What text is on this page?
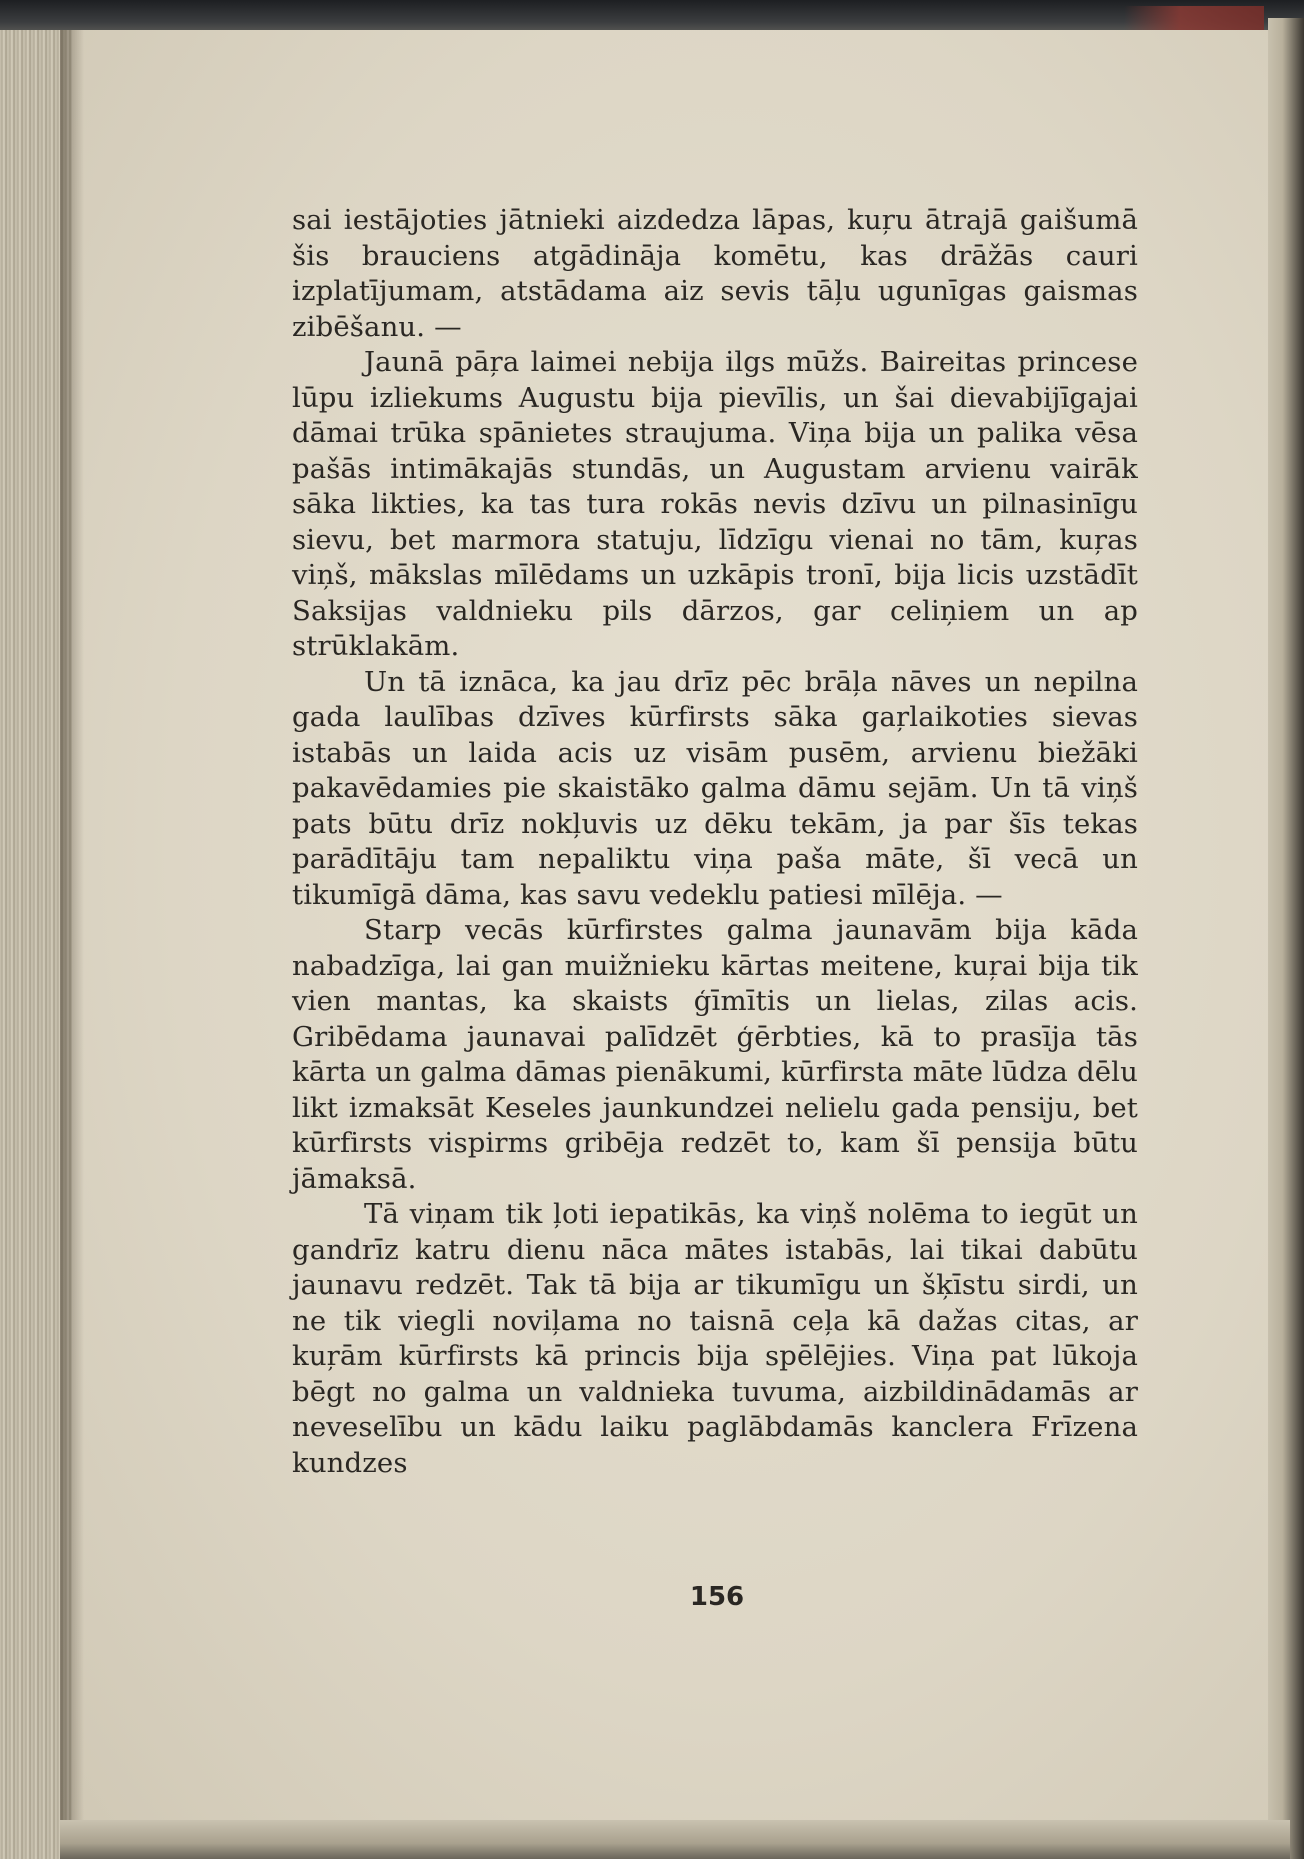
sai iestājoties jātnieki aizdedza lāpas, kuŗu ātrajā gaišumā šis brauciens atgādināja komētu, kas drāžās cauri izplatījumam, atstādama aiz sevis tāļu ugunīgas gaismas zibēšanu. —

Jaunā pāŗa laimei nebija ilgs mūžs. Baireitas princese lūpu izliekums Augustu bija pievīlis, un šai dievabijīgajai dāmai trūka spānietes straujuma. Viņa bija un palika vēsa pašās intimākajās stundās, un Augustam arvienu vairāk sāka likties, ka tas tura rokās nevis dzīvu un pilnasinīgu sievu, bet marmora statuju, līdzīgu vienai no tām, kuŗas viņš, mākslas mīlēdams un uzkāpis tronī, bija licis uzstādīt Saksijas valdnieku pils dārzos, gar celiņiem un ap strūklakām.

Un tā iznāca, ka jau drīz pēc brāļa nāves un nepilna gada laulības dzīves kūrfirsts sāka gaŗlaikoties sievas istabās un laida acis uz visām pusēm, arvienu biežāki pakavēdamies pie skaistāko galma dāmu sejām. Un tā viņš pats būtu drīz nokļuvis uz dēku tekām, ja par šīs tekas parādītāju tam nepaliktu viņa paša māte, šī vecā un tikumīgā dāma, kas savu vedeklu patiesi mīlēja. —

Starp vecās kūrfirstes galma jaunavām bija kāda nabadzīga, lai gan muižnieku kārtas meitene, kuŗai bija tik vien mantas, ka skaists ģīmītis un lielas, zilas acis. Gribēdama jaunavai palīdzēt ģērbties, kā to prasīja tās kārta un galma dāmas pienākumi, kūrfirsta māte lūdza dēlu likt izmaksāt Keseles jaunkundzei nelielu gada pensiju, bet kūrfirsts vispirms gribēja redzēt to, kam šī pensija būtu jāmaksā.

Tā viņam tik ļoti iepatikās, ka viņš nolēma to iegūt un gandrīz katru dienu nāca mātes istabās, lai tikai dabūtu jaunavu redzēt. Tak tā bija ar tikumīgu un šķīstu sirdi, un ne tik viegli noviļama no taisnā ceļa kā dažas citas, ar kuŗām kūrfirsts kā princis bija spēlējies. Viņa pat lūkoja bēgt no galma un valdnieka tuvuma, aizbildinādamās ar neveselību un kādu laiku paglābdamās kanclera Frīzena kundzes

156
